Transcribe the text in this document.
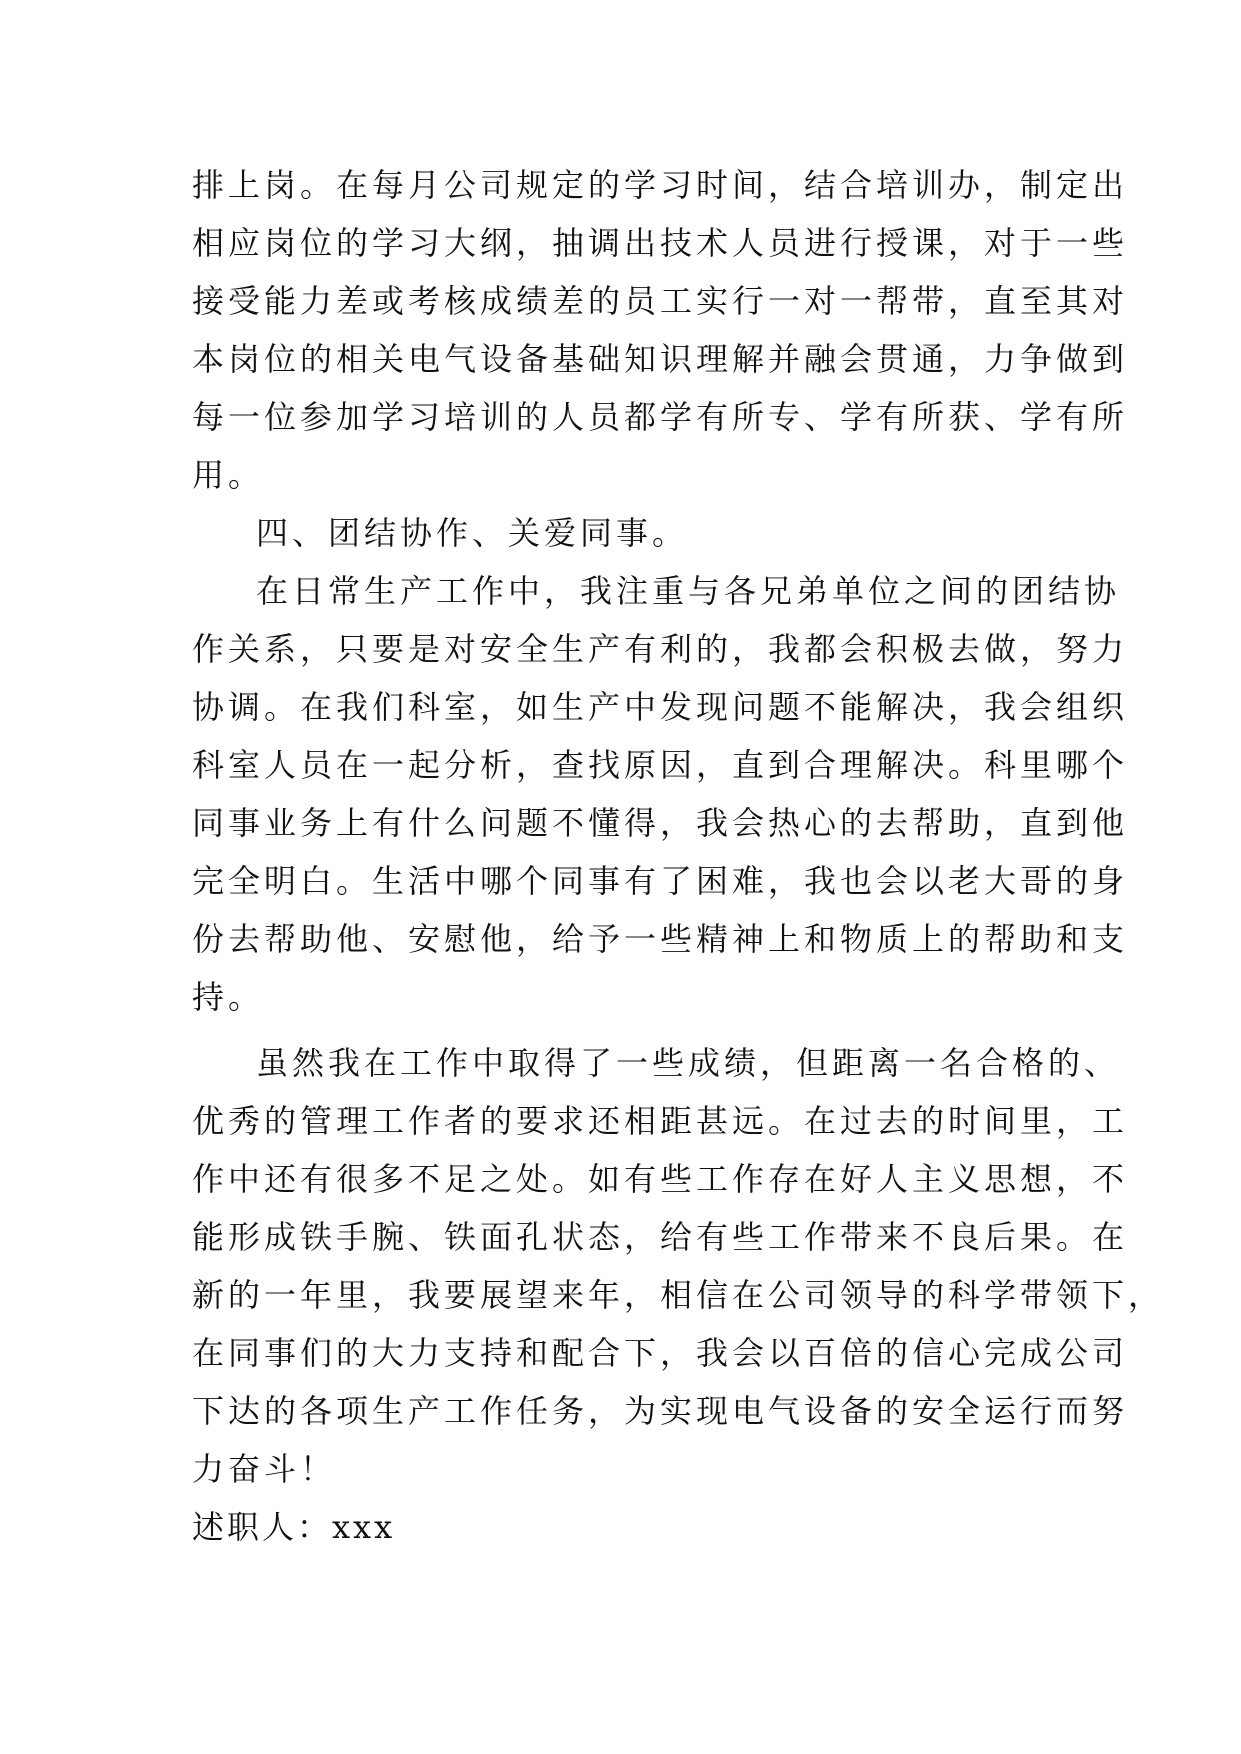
排上岗。在每月公司规定的学习时间，结合培训办，制定出
相应岗位的学习大纲，抽调出技术人员进行授课，对于一些
接受能力差或考核成绩差的员工实行一对一帮带，直至其对
本岗位的相关电气设备基础知识理解并融会贯通，力争做到
每一位参加学习培训的人员都学有所专、学有所获、学有所
用。
四、团结协作、关爱同事。
在日常生产工作中，我注重与各兄弟单位之间的团结协
作关系，只要是对安全生产有利的，我都会积极去做，努力
协调。在我们科室，如生产中发现问题不能解决，我会组织
科室人员在一起分析，查找原因，直到合理解决。科里哪个
同事业务上有什么问题不懂得，我会热心的去帮助，直到他
完全明白。生活中哪个同事有了困难，我也会以老大哥的身
份去帮助他、安慰他，给予一些精神上和物质上的帮助和支
持。
虽然我在工作中取得了一些成绩，但距离一名合格的、
优秀的管理工作者的要求还相距甚远。在过去的时间里，工
作中还有很多不足之处。如有些工作存在好人主义思想，不
能形成铁手腕、铁面孔状态，给有些工作带来不良后果。在
新的一年里，我要展望来年，相信在公司领导的科学带领下，
在同事们的大力支持和配合下，我会以百倍的信心完成公司
下达的各项生产工作任务，为实现电气设备的安全运行而努
力奋斗！
述职人：xxx
